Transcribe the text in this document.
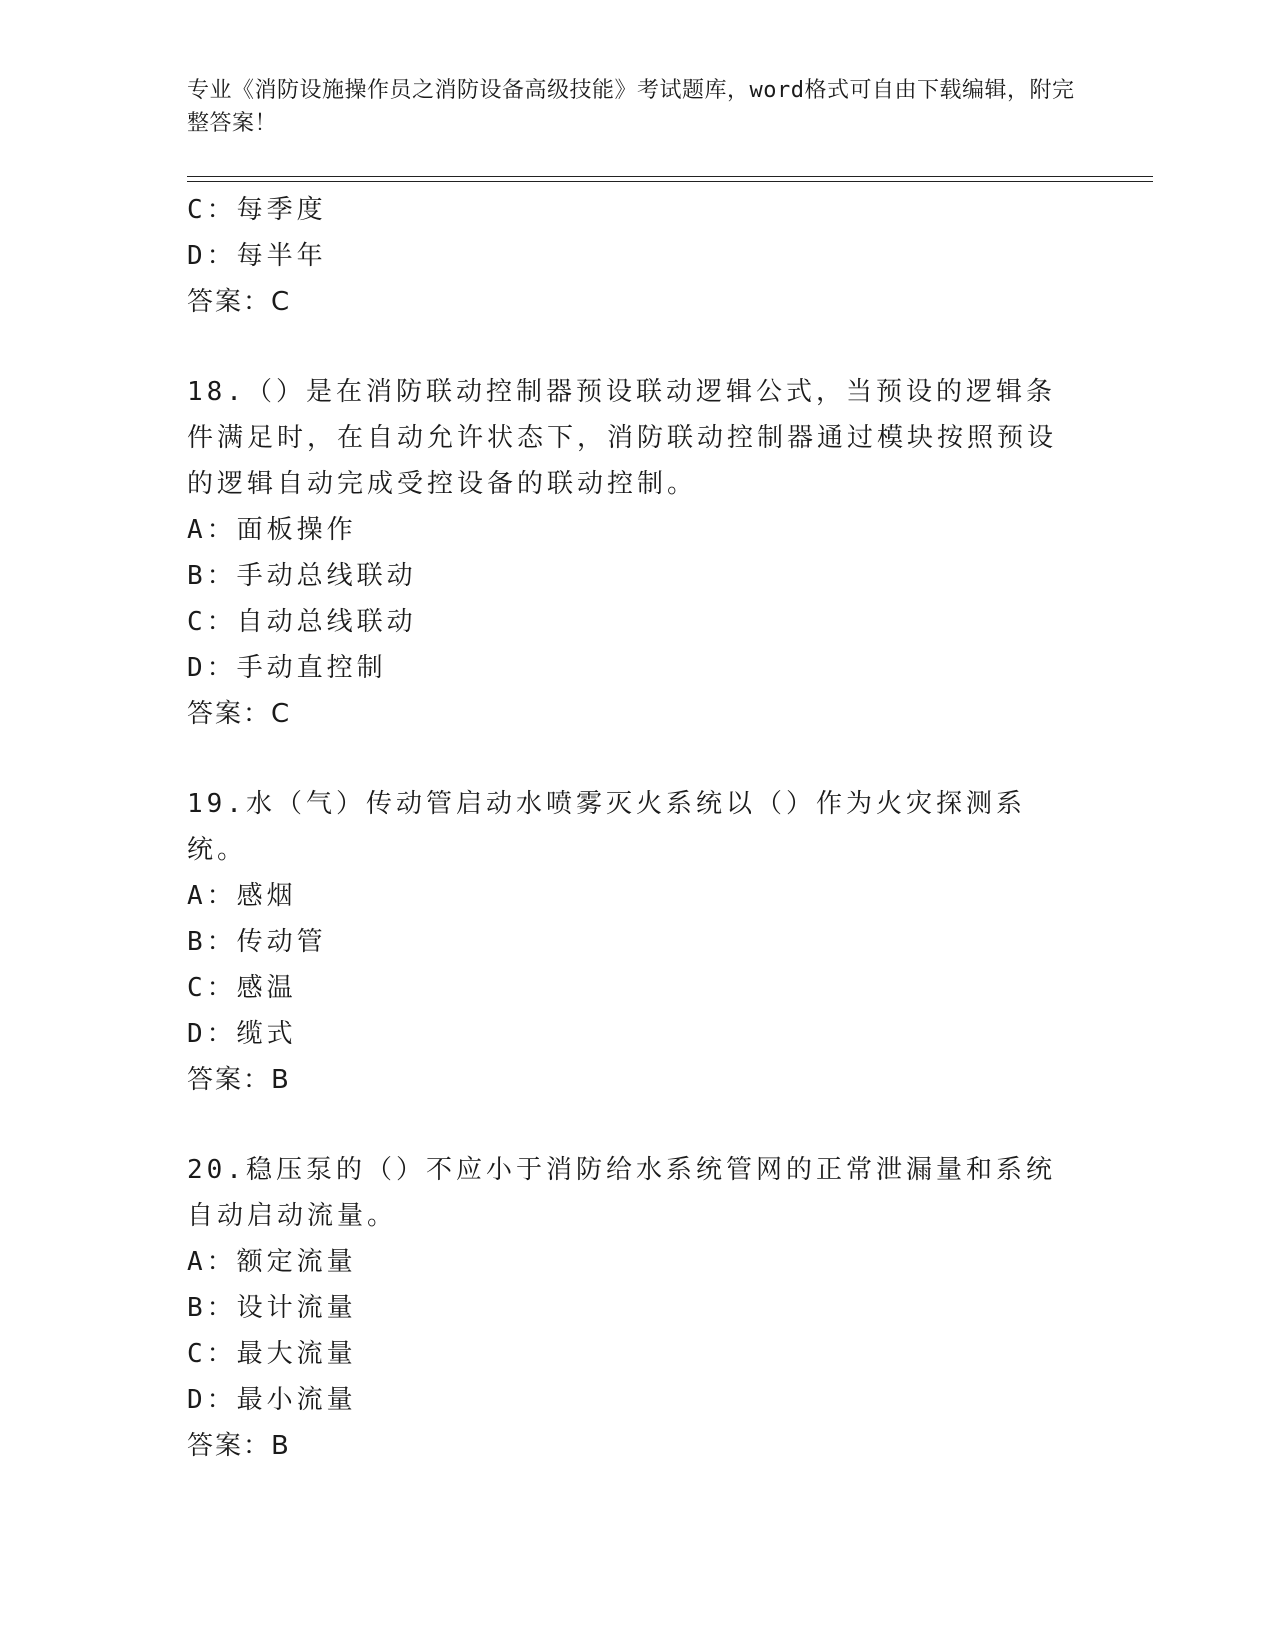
专业《消防设施操作员之消防设备高级技能》考试题库，word格式可自由下载编辑，附完整答案！
C：每季度
D：每半年
答案：C
18.（）是在消防联动控制器预设联动逻辑公式，当预设的逻辑条件满足时，在自动允许状态下，消防联动控制器通过模块按照预设的逻辑自动完成受控设备的联动控制。
A：面板操作
B：手动总线联动
C：自动总线联动
D：手动直控制
答案：C
19.水（气）传动管启动水喷雾灭火系统以（）作为火灾探测系统。
A：感烟
B：传动管
C：感温
D：缆式
答案：B
20.稳压泵的（）不应小于消防给水系统管网的正常泄漏量和系统自动启动流量。
A：额定流量
B：设计流量
C：最大流量
D：最小流量
答案：B
